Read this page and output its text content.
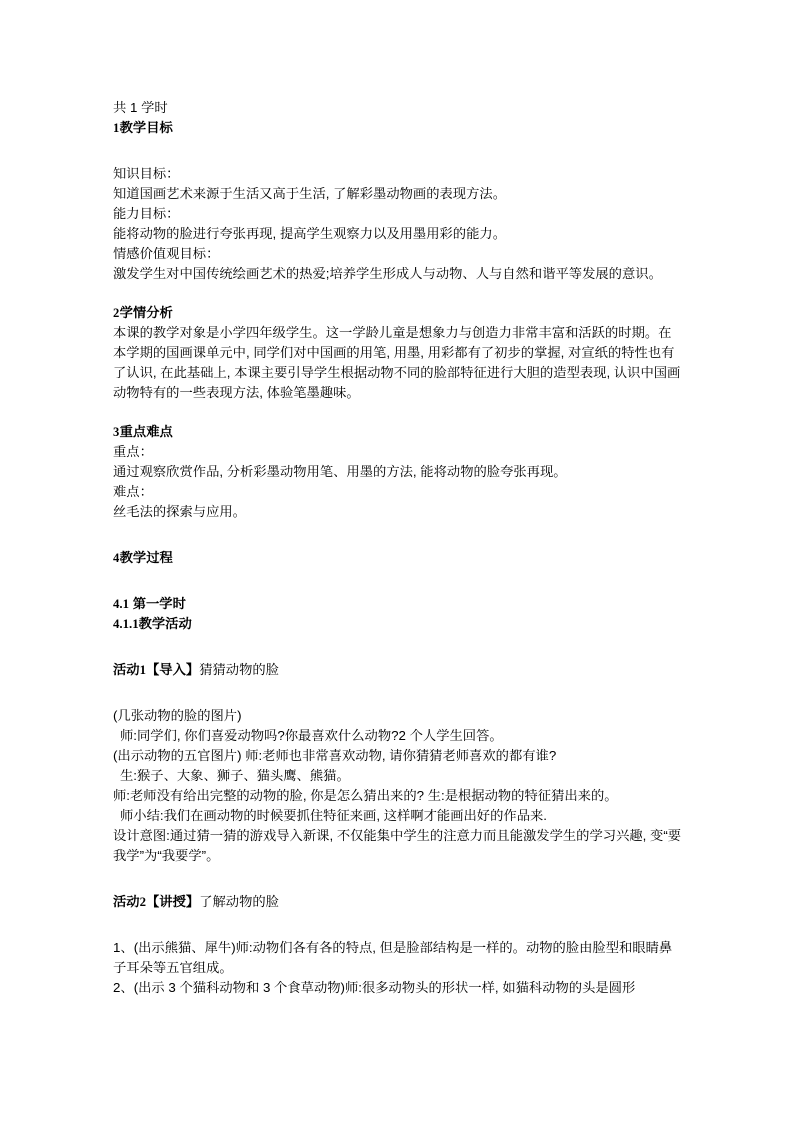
共 1 学时

1教学目标

知识目标：

知道国画艺术来源于生活又高于生活, 了解彩墨动物画的表现方法。

能力目标：

能将动物的脸进行夸张再现, 提高学生观察力以及用墨用彩的能力。

情感价值观目标：

激发学生对中国传统绘画艺术的热爱;培养学生形成人与动物、人与自然和谐平等发展的意识。

2学情分析

本课的教学对象是小学四年级学生。这一学龄儿童是想象力与创造力非常丰富和活跃的时期。在本学期的国画课单元中, 同学们对中国画的用笔, 用墨, 用彩都有了初步的掌握, 对宣纸的特性也有了认识, 在此基础上, 本课主要引导学生根据动物不同的脸部特征进行大胆的造型表现, 认识中国画动物特有的一些表现方法, 体验笔墨趣味。

3重点难点

重点：

通过观察欣赏作品, 分析彩墨动物用笔、用墨的方法, 能将动物的脸夸张再现。

难点：

丝毛法的探索与应用。

4教学过程

4.1 第一学时

4.1.1教学活动

活动1【导入】猜猜动物的脸

(几张动物的脸的图片)

师:同学们, 你们喜爱动物吗?你最喜欢什么动物?2 个人学生回答。

(出示动物的五官图片) 师:老师也非常喜欢动物, 请你猜猜老师喜欢的都有谁?

生:猴子、大象、狮子、猫头鹰、熊猫。

师:老师没有给出完整的动物的脸, 你是怎么猜出来的? 生:是根据动物的特征猜出来的。

师小结:我们在画动物的时候要抓住特征来画, 这样啊才能画出好的作品来.

设计意图:通过猜一猜的游戏导入新课, 不仅能集中学生的注意力而且能激发学生的学习兴趣, 变“要我学”为“我要学”。

活动2【讲授】了解动物的脸

1、(出示熊猫、犀牛)师:动物们各有各的特点, 但是脸部结构是一样的。动物的脸由脸型和眼睛鼻子耳朵等五官组成。

2、(出示 3 个猫科动物和 3 个食草动物)师:很多动物头的形状一样, 如猫科动物的头是圆形
